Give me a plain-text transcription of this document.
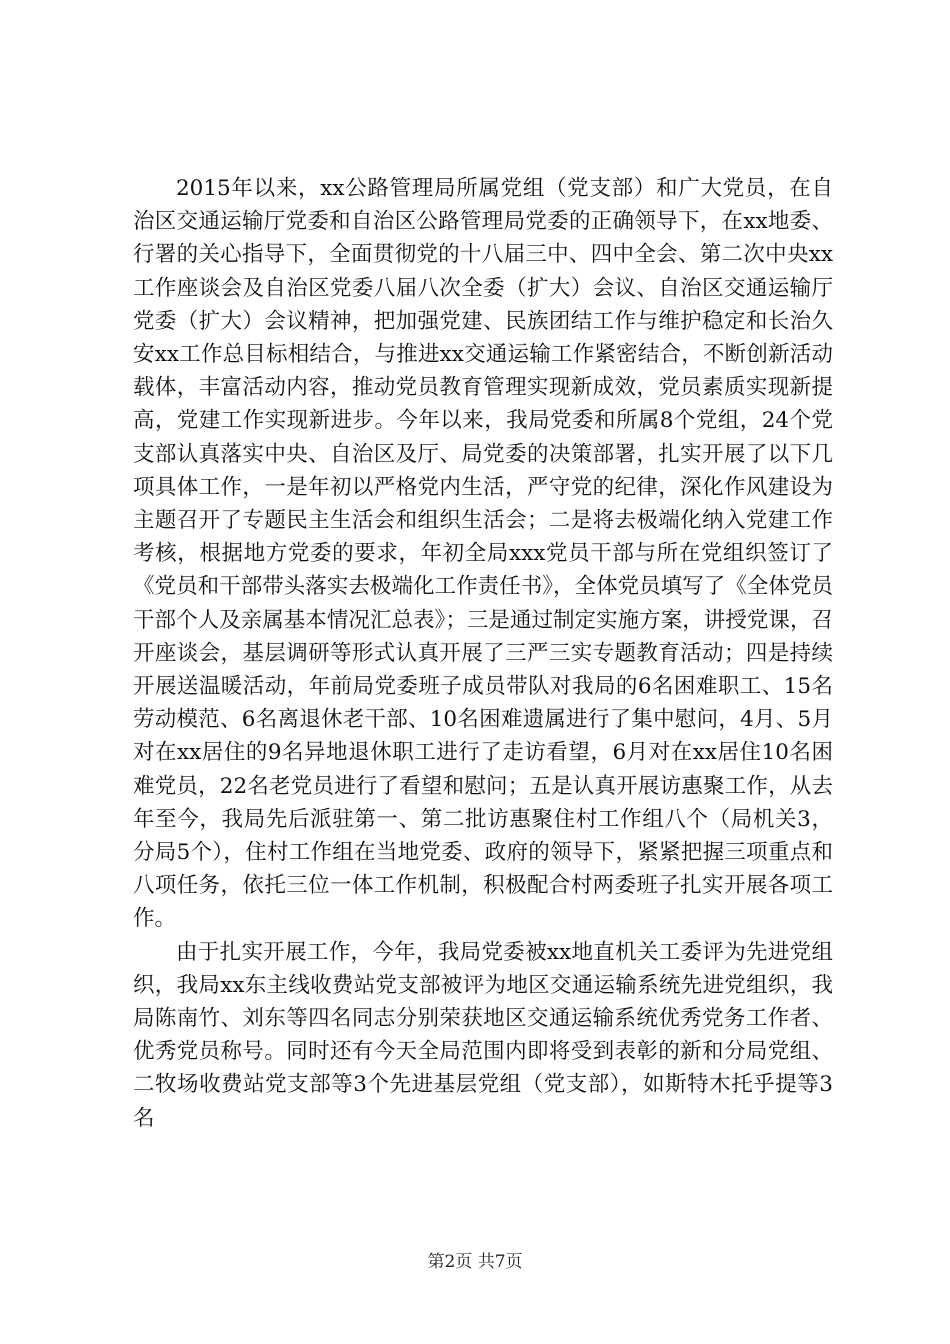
2015年以来，xx公路管理局所属党组（党支部）和广大党员，在自治区交通运输厅党委和自治区公路管理局党委的正确领导下，在xx地委、行署的关心指导下，全面贯彻党的十八届三中、四中全会、第二次中央xx工作座谈会及自治区党委八届八次全委（扩大）会议、自治区交通运输厅党委（扩大）会议精神，把加强党建、民族团结工作与维护稳定和长治久安xx工作总目标相结合，与推进xx交通运输工作紧密结合，不断创新活动载体，丰富活动内容，推动党员教育管理实现新成效，党员素质实现新提高，党建工作实现新进步。今年以来，我局党委和所属8个党组，24个党支部认真落实中央、自治区及厅、局党委的决策部署，扎实开展了以下几项具体工作，一是年初以严格党内生活，严守党的纪律，深化作风建设为主题召开了专题民主生活会和组织生活会；二是将去极端化纳入党建工作考核，根据地方党委的要求，年初全局xxx党员干部与所在党组织签订了《党员和干部带头落实去极端化工作责任书》，全体党员填写了《全体党员干部个人及亲属基本情况汇总表》；三是通过制定实施方案，讲授党课，召开座谈会，基层调研等形式认真开展了三严三实专题教育活动；四是持续开展送温暖活动，年前局党委班子成员带队对我局的6名困难职工、15名劳动模范、6名离退休老干部、10名困难遗属进行了集中慰问，4月、5月对在xx居住的9名异地退休职工进行了走访看望，6月对在xx居住10名困难党员，22名老党员进行了看望和慰问；五是认真开展访惠聚工作，从去年至今，我局先后派驻第一、第二批访惠聚住村工作组八个（局机关3，分局5个），住村工作组在当地党委、政府的领导下，紧紧把握三项重点和八项任务，依托三位一体工作机制，积极配合村两委班子扎实开展各项工作。

由于扎实开展工作，今年，我局党委被xx地直机关工委评为先进党组织，我局xx东主线收费站党支部被评为地区交通运输系统先进党组织，我局陈南竹、刘东等四名同志分别荣获地区交通运输系统优秀党务工作者、优秀党员称号。同时还有今天全局范围内即将受到表彰的新和分局党组、二牧场收费站党支部等3个先进基层党组（党支部），如斯特木托乎提等3名

第2页 共7页
